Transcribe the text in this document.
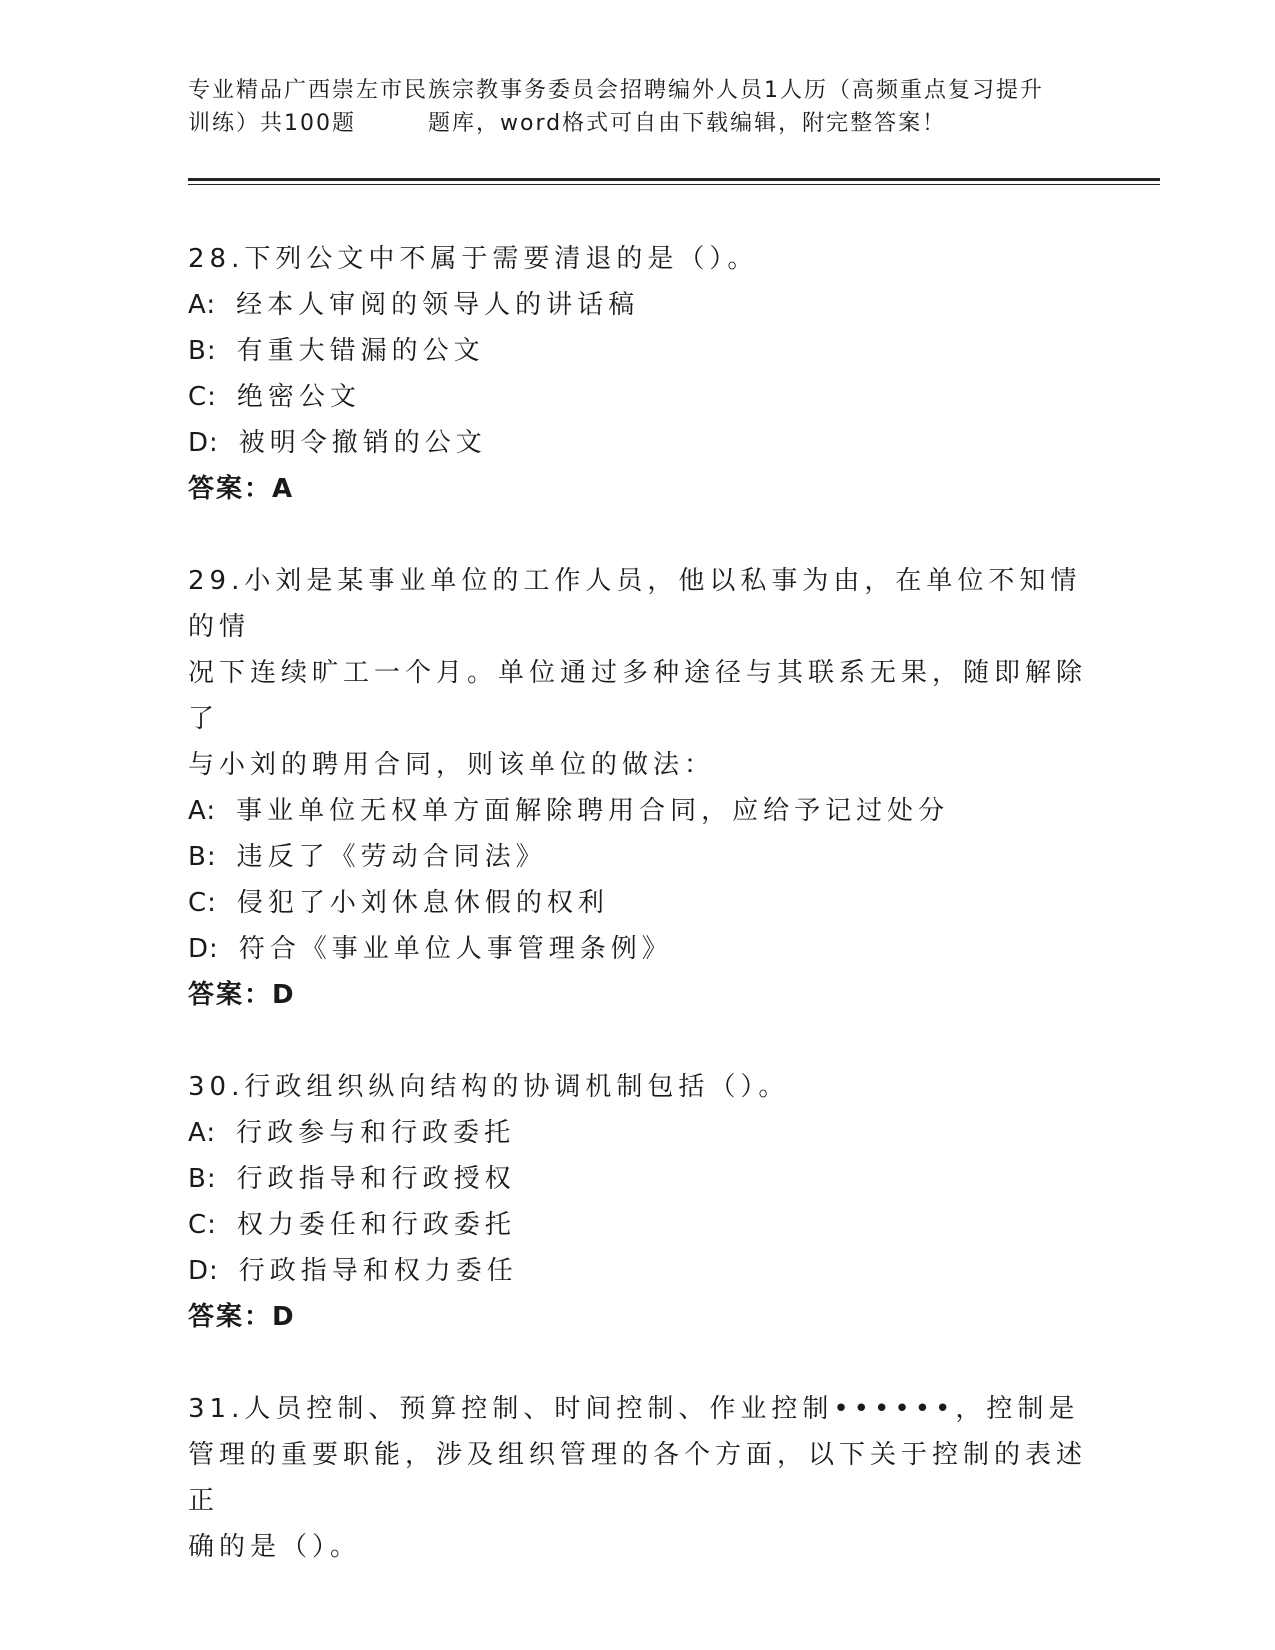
专业精品广西崇左市民族宗教事务委员会招聘编外人员1人历（高频重点复习提升
训练）共100题	题库，word格式可自由下载编辑，附完整答案！

28.下列公文中不属于需要清退的是（）。

A: 经本人审阅的领导人的讲话稿

B: 有重大错漏的公文

C: 绝密公文

D: 被明令撤销的公文

答案：A

29.小刘是某事业单位的工作人员，他以私事为由，在单位不知情的情

况下连续旷工一个月。单位通过多种途径与其联系无果，随即解除了

与小刘的聘用合同，则该单位的做法：

A: 事业单位无权单方面解除聘用合同，应给予记过处分

B: 违反了《劳动合同法》

C: 侵犯了小刘休息休假的权利

D: 符合《事业单位人事管理条例》

答案：D

30.行政组织纵向结构的协调机制包括（）。

A: 行政参与和行政委托

B: 行政指导和行政授权

C: 权力委任和行政委托

D: 行政指导和权力委任

答案：D

31.人员控制、预算控制、时间控制、作业控制••••••，控制是

管理的重要职能，涉及组织管理的各个方面，以下关于控制的表述正

确的是（）。
